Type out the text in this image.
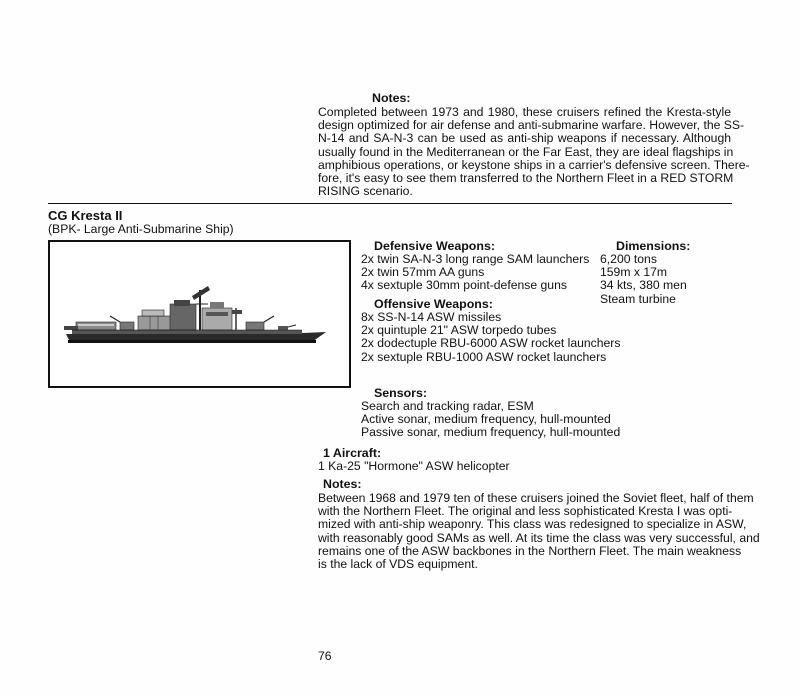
Notes:
Completed between 1973 and 1980, these cruisers refined the Kresta-style
design optimized for air defense and anti-submarine warfare. However, the SS-
N-14 and SA-N-3 can be used as anti-ship weapons if necessary. Although
usually found in the Mediterranean or the Far East, they are ideal flagships in
amphibious operations, or keystone ships in a carrier's defensive screen. There-
fore, it's easy to see them transferred to the Northern Fleet in a RED STORM
RISING scenario.
CG Kresta II
(BPK- Large Anti-Submarine Ship)
Defensive Weapons:
2x twin SA-N-3 long range SAM launchers
2x twin 57mm AA guns
4x sextuple 30mm point-defense guns
Dimensions:
6,200 tons
159m x 17m
34 kts, 380 men
Steam turbine
Offensive Weapons:
8x SS-N-14 ASW missiles
2x quintuple 21" ASW torpedo tubes
2x dodectuple RBU-6000 ASW rocket launchers
2x sextuple RBU-1000 ASW rocket launchers
Sensors:
Search and tracking radar, ESM
Active sonar, medium frequency, hull-mounted
Passive sonar, medium frequency, hull-mounted
1 Aircraft:
1 Ka-25 "Hormone" ASW helicopter
Notes:
Between 1968 and 1979 ten of these cruisers joined the Soviet fleet, half of them
with the Northern Fleet. The original and less sophisticated Kresta I was opti-
mized with anti-ship weaponry. This class was redesigned to specialize in ASW,
with reasonably good SAMs as well. At its time the class was very successful, and
remains one of the ASW backbones in the Northern Fleet. The main weakness
is the lack of VDS equipment.
76
